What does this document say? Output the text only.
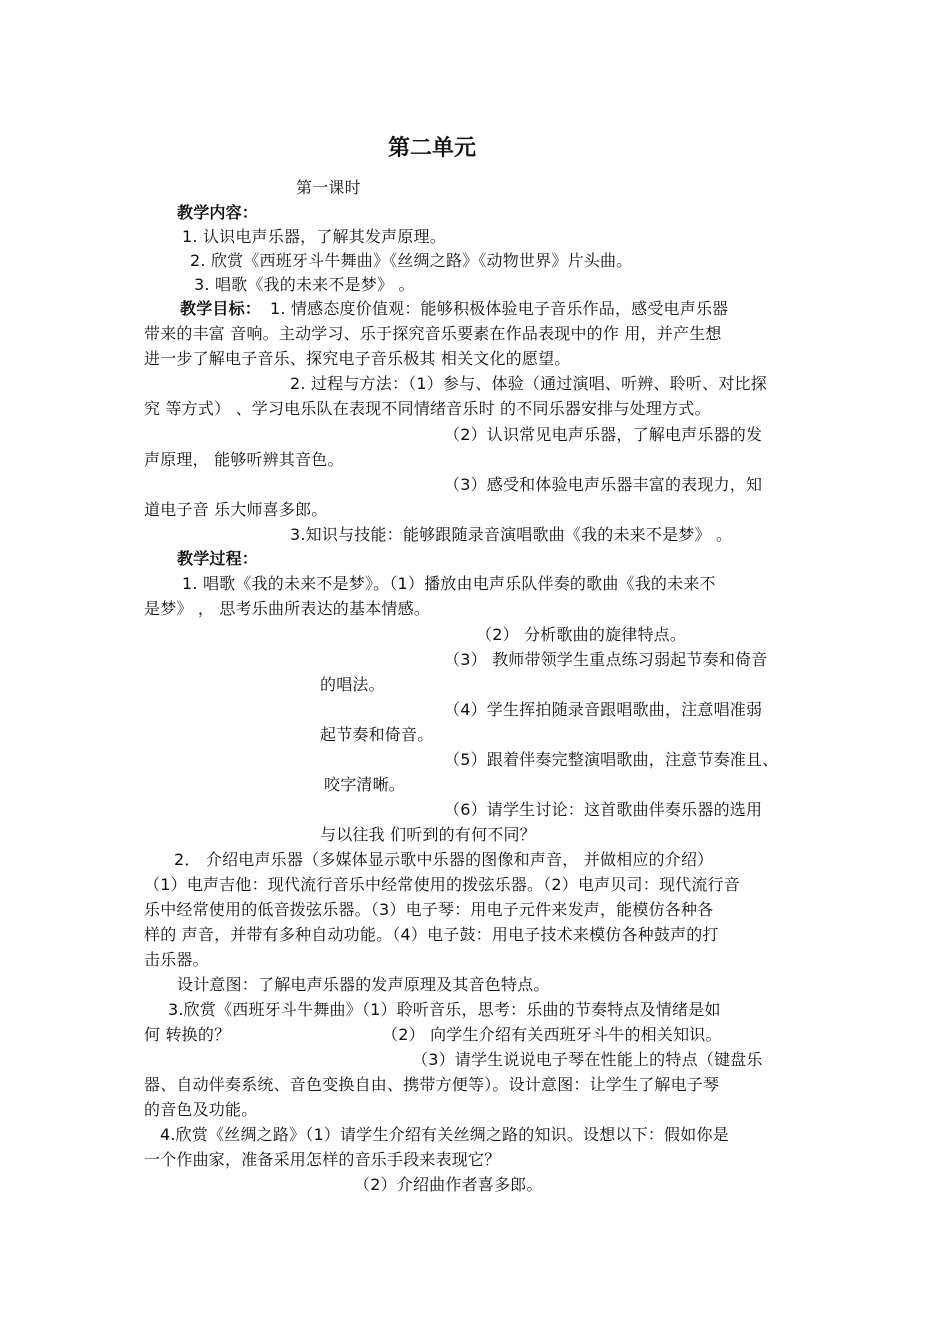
第二单元
第一课时
教学内容：
1. 认识电声乐器，了解其发声原理。
2. 欣赏《西班牙斗牛舞曲》《丝绸之路》《动物世界》片头曲。
3. 唱歌《我的未来不是梦》 。
教学目标： 1. 情感态度价值观：能够积极体验电子音乐作品，感受电声乐器
带来的丰富 音响。主动学习、乐于探究音乐要素在作品表现中的作 用，并产生想
进一步了解电子音乐、探究电子音乐极其 相关文化的愿望。
2. 过程与方法：（1）参与、体验（通过演唱、听辨、聆听、对比探
究 等方式） 、学习电乐队在表现不同情绪音乐时 的不同乐器安排与处理方式。
（2）认识常见电声乐器，了解电声乐器的发
声原理， 能够听辨其音色。
（3）感受和体验电声乐器丰富的表现力，知
道电子音 乐大师喜多郎。
3.知识与技能：能够跟随录音演唱歌曲《我的未来不是梦》 。
教学过程：
1. 唱歌《我的未来不是梦》。（1）播放由电声乐队伴奏的歌曲《我的未来不
是梦》 ， 思考乐曲所表达的基本情感。
（2） 分析歌曲的旋律特点。
（3） 教师带领学生重点练习弱起节奏和倚音
的唱法。
（4）学生挥拍随录音跟唱歌曲，注意唱准弱
起节奏和倚音。
（5）跟着伴奏完整演唱歌曲，注意节奏准且、
咬字清晰。
（6）请学生讨论：这首歌曲伴奏乐器的选用
与以往我 们听到的有何不同？
2． 介绍电声乐器（多媒体显示歌中乐器的图像和声音， 并做相应的介绍）
（1）电声吉他：现代流行音乐中经常使用的拨弦乐器。（2）电声贝司：现代流行音
乐中经常使用的低音拨弦乐器。（3）电子琴：用电子元件来发声，能模仿各种各
样的 声音，并带有多种自动功能。（4）电子鼓：用电子技术来模仿各种鼓声的打
击乐器。
设计意图：了解电声乐器的发声原理及其音色特点。
3.欣赏《西班牙斗牛舞曲》（1）聆听音乐，思考：乐曲的节奏特点及情绪是如
何 转换的？	（2） 向学生介绍有关西班牙斗牛的相关知识。
（3）请学生说说电子琴在性能上的特点（键盘乐
器、自动伴奏系统、音色变换自由、携带方便等）。设计意图：让学生了解电子琴
的音色及功能。
4.欣赏《丝绸之路》（1）请学生介绍有关丝绸之路的知识。设想以下：假如你是
一个作曲家，准备采用怎样的音乐手段来表现它？
（2）介绍曲作者喜多郎。
